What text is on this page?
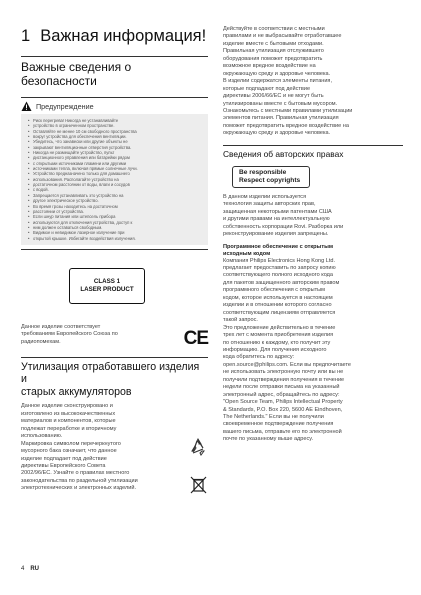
1 Важная информация!
Важные сведения о
безопасности
Предупреждение
• Риск перегрева! Никогда не устанавливайте
• устройство в ограниченном пространстве.
• Оставляйте не менее 10 см свободного пространства
• вокруг устройства для обеспечения вентиляции.
• Убедитесь, что занавески или другие объекты не
• закрывают вентиляционные отверстия устройства.
• Никогда не размещайте устройство, пульт
• дистанционного управления или батарейки рядом
• с открытыми источниками пламени или другими
• источниками тепла, включая прямые солнечные лучи.
• Устройство предназначено только для домашнего
• использования. Располагайте устройство на
• достаточном расстоянии от воды, влаги и сосудов
• с водой.
• Запрещается устанавливать это устройство на
• другое электрическое устройство.
• Во время грозы находитесь на достаточном
• расстоянии от устройства.
• Если шнур питания или штепсель прибора
• используются для отключения устройства, доступ к
• ним должен оставаться свободным.
• Видимое и невидимое лазерное излучение при
• открытой крышке. Избегайте воздействия излучения.
CLASS 1
LASER PRODUCT
Данное изделие соответствует
требованиям Европейского Союза по
радиопомехам.	CE
Утилизация отработавшего изделия и
старых аккумуляторов
Данное изделие сконструировано и
изготовлено из высококачественных
материалов и компонентов, которые
подлежат переработке и вторичному
использованию.
Маркировка символом перечеркнутого
мусорного бака означает, что данное
изделие подпадает под действие
директивы Европейского Совета
2002/96/EC. Узнайте о правилах местного
законодательства по раздельной утилизации
электротехнических и электронных изделий.
Действуйте в соответствии с местными
правилами и не выбрасывайте отработавшее
изделие вместе с бытовыми отходами.
Правильная утилизация отслужившего
оборудования поможет предотвратить
возможное вредное воздействие на
окружающую среду и здоровье человека.
В изделии содержатся элементы питания,
которые подпадают под действие
директивы 2006/66/EC и не могут быть
утилизированы вместе с бытовым мусором.
Ознакомьтесь с местными правилами утилизации
элементов питания. Правильная утилизация
поможет предотвратить вредное воздействие на
окружающую среду и здоровье человека.
Сведения об авторских правах
Be responsible
Respect copyrights
В данном изделии используется
технология защиты авторских прав,
защищенная некоторыми патентами США
и другими правами на интеллектуальную
собственность корпорации Rovi. Разборка или
реконструирование изделия запрещены.
Программное обеспечение с открытым
исходным кодом
Компания Philips Electronics Hong Kong Ltd.
предлагает предоставить по запросу копию
соответствующего полного исходного кода
для пакетов защищенного авторским правом
программного обеспечения с открытым
кодом, которое используется в настоящем
изделии и в отношении которого согласно
соответствующим лицензиям отправляется
такой запрос.
Это предложение действительно в течение
трех лет с момента приобретения изделия
по отношению к каждому, кто получит эту
информацию. Для получения исходного
кода обратитесь по адресу:
open.source@philips.com. Если вы предпочитаете
не использовать электронную почту или вы не
получили подтверждения получения в течение
недели после отправки письма на указанный
электронный адрес, обращайтесь по адресу:
"Open Source Team, Philips Intellectual Property
& Standards, P.O. Box 220, 5600 AE Eindhoven,
The Netherlands." Если вы не получили
своевременное подтверждение получения
вашего письма, отправьте его по электронной
почте по указанному выше адресу.
4 RU
